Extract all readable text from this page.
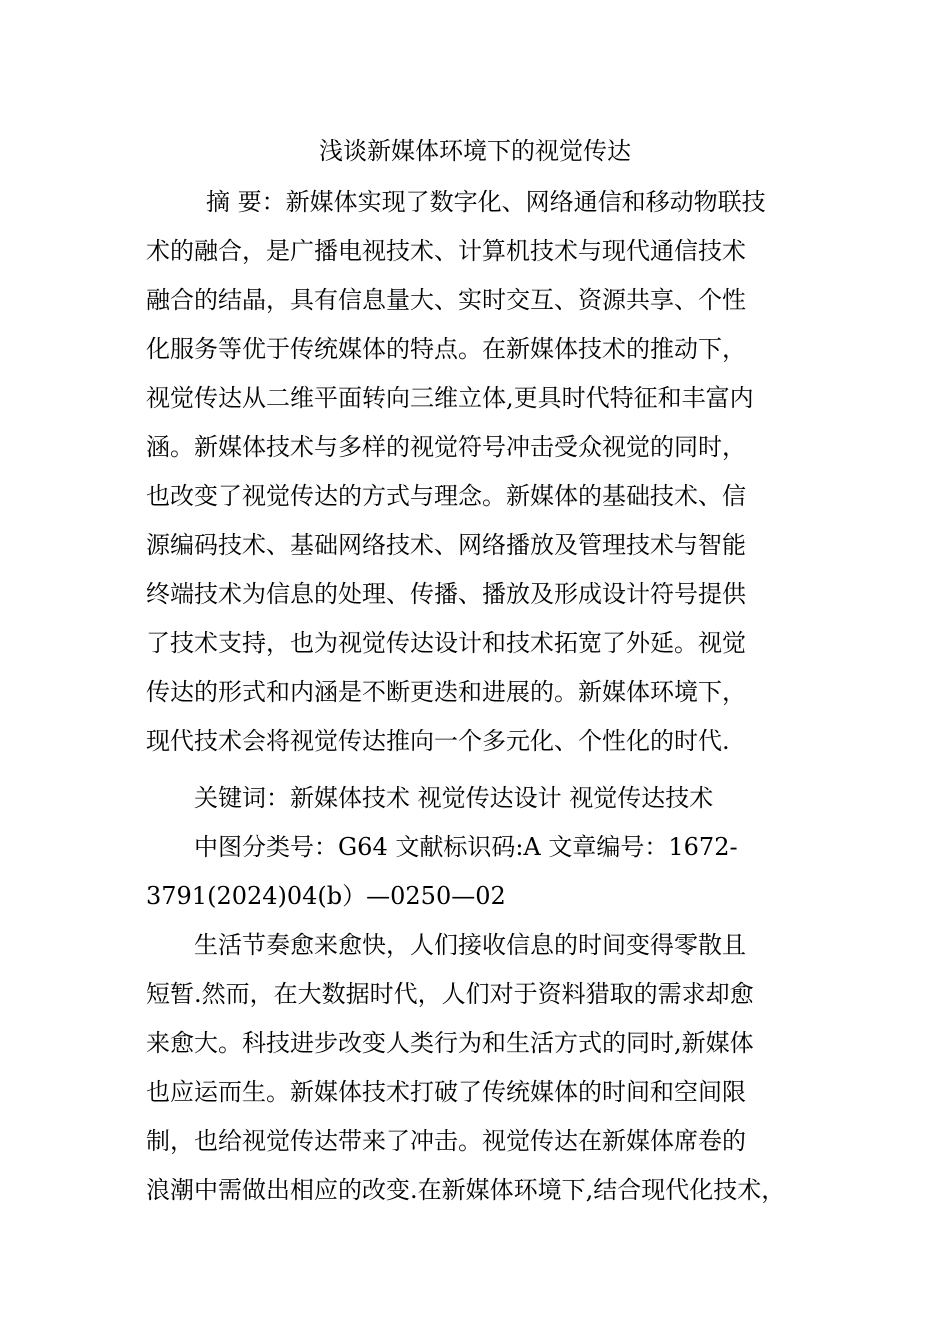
浅谈新媒体环境下的视觉传达
摘 要：新媒体实现了数字化、网络通信和移动物联技
术的融合，是广播电视技术、计算机技术与现代通信技术
融合的结晶，具有信息量大、实时交互、资源共享、个性
化服务等优于传统媒体的特点。在新媒体技术的推动下，
视觉传达从二维平面转向三维立体,更具时代特征和丰富内
涵。新媒体技术与多样的视觉符号冲击受众视觉的同时，
也改变了视觉传达的方式与理念。新媒体的基础技术、信
源编码技术、基础网络技术、网络播放及管理技术与智能
终端技术为信息的处理、传播、播放及形成设计符号提供
了技术支持，也为视觉传达设计和技术拓宽了外延。视觉
传达的形式和内涵是不断更迭和进展的。新媒体环境下，
现代技术会将视觉传达推向一个多元化、个性化的时代.
关键词：新媒体技术 视觉传达设计 视觉传达技术
中图分类号：G64 文献标识码:A 文章编号：1672-
3791(2024)04(b）—0250—02
生活节奏愈来愈快，人们接收信息的时间变得零散且
短暂.然而，在大数据时代，人们对于资料猎取的需求却愈
来愈大。科技进步改变人类行为和生活方式的同时,新媒体
也应运而生。新媒体技术打破了传统媒体的时间和空间限
制，也给视觉传达带来了冲击。视觉传达在新媒体席卷的
浪潮中需做出相应的改变.在新媒体环境下,结合现代化技术，
